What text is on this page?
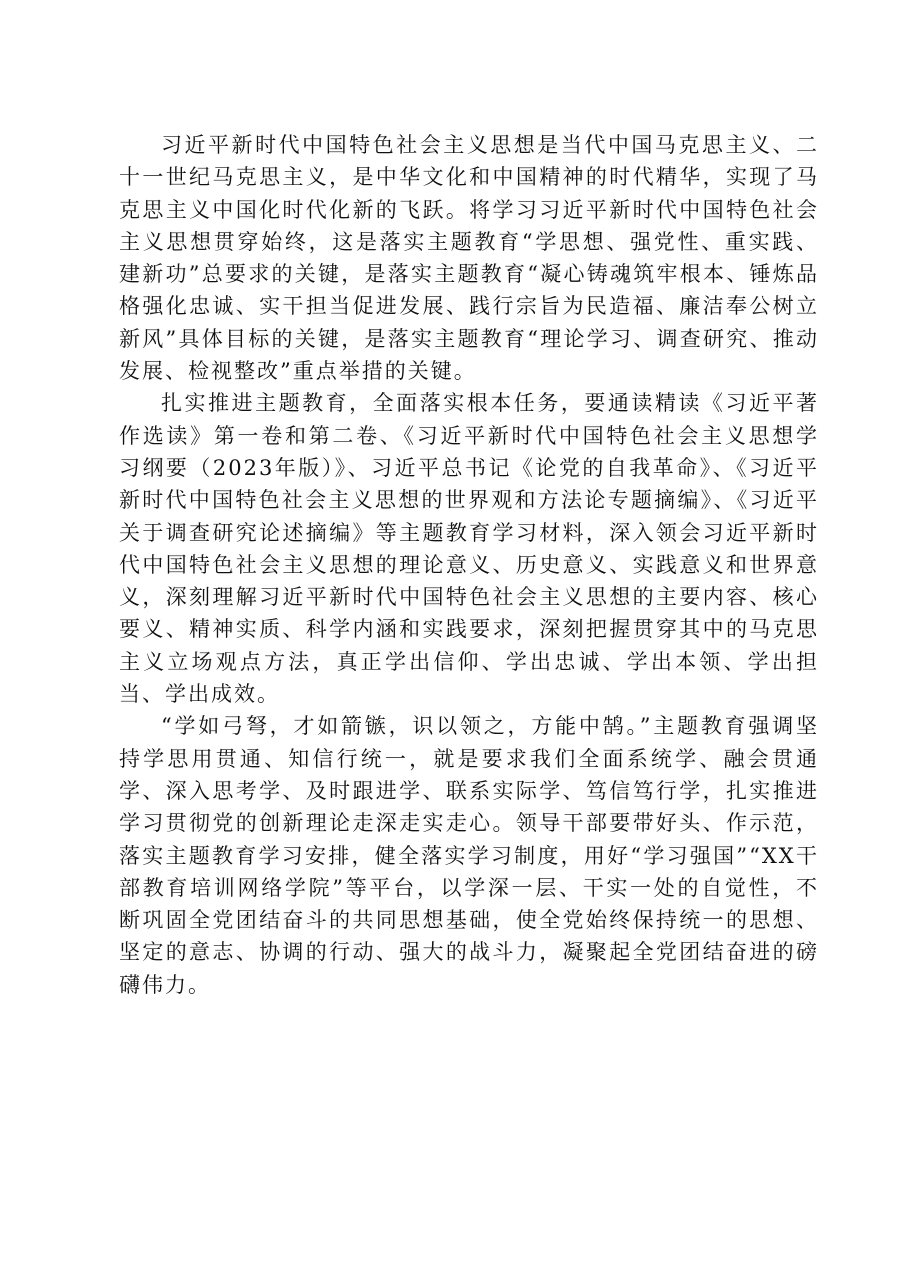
习近平新时代中国特色社会主义思想是当代中国马克思主义、二十一世纪马克思主义，是中华文化和中国精神的时代精华，实现了马克思主义中国化时代化新的飞跃。将学习习近平新时代中国特色社会主义思想贯穿始终，这是落实主题教育“学思想、强党性、重实践、建新功”总要求的关键，是落实主题教育“凝心铸魂筑牢根本、锤炼品格强化忠诚、实干担当促进发展、践行宗旨为民造福、廉洁奉公树立新风”具体目标的关键，是落实主题教育“理论学习、调查研究、推动发展、检视整改”重点举措的关键。

扎实推进主题教育，全面落实根本任务，要通读精读《习近平著作选读》第一卷和第二卷、《习近平新时代中国特色社会主义思想学习纲要（2023年版）》、习近平总书记《论党的自我革命》、《习近平新时代中国特色社会主义思想的世界观和方法论专题摘编》、《习近平关于调查研究论述摘编》等主题教育学习材料，深入领会习近平新时代中国特色社会主义思想的理论意义、历史意义、实践意义和世界意义，深刻理解习近平新时代中国特色社会主义思想的主要内容、核心要义、精神实质、科学内涵和实践要求，深刻把握贯穿其中的马克思主义立场观点方法，真正学出信仰、学出忠诚、学出本领、学出担当、学出成效。

“学如弓弩，才如箭镞，识以领之，方能中鹄。”主题教育强调坚持学思用贯通、知信行统一，就是要求我们全面系统学、融会贯通学、深入思考学、及时跟进学、联系实际学、笃信笃行学，扎实推进学习贯彻党的创新理论走深走实走心。领导干部要带好头、作示范，落实主题教育学习安排，健全落实学习制度，用好“学习强国”“XX干部教育培训网络学院”等平台，以学深一层、干实一处的自觉性，不断巩固全党团结奋斗的共同思想基础，使全党始终保持统一的思想、坚定的意志、协调的行动、强大的战斗力，凝聚起全党团结奋进的磅礴伟力。
